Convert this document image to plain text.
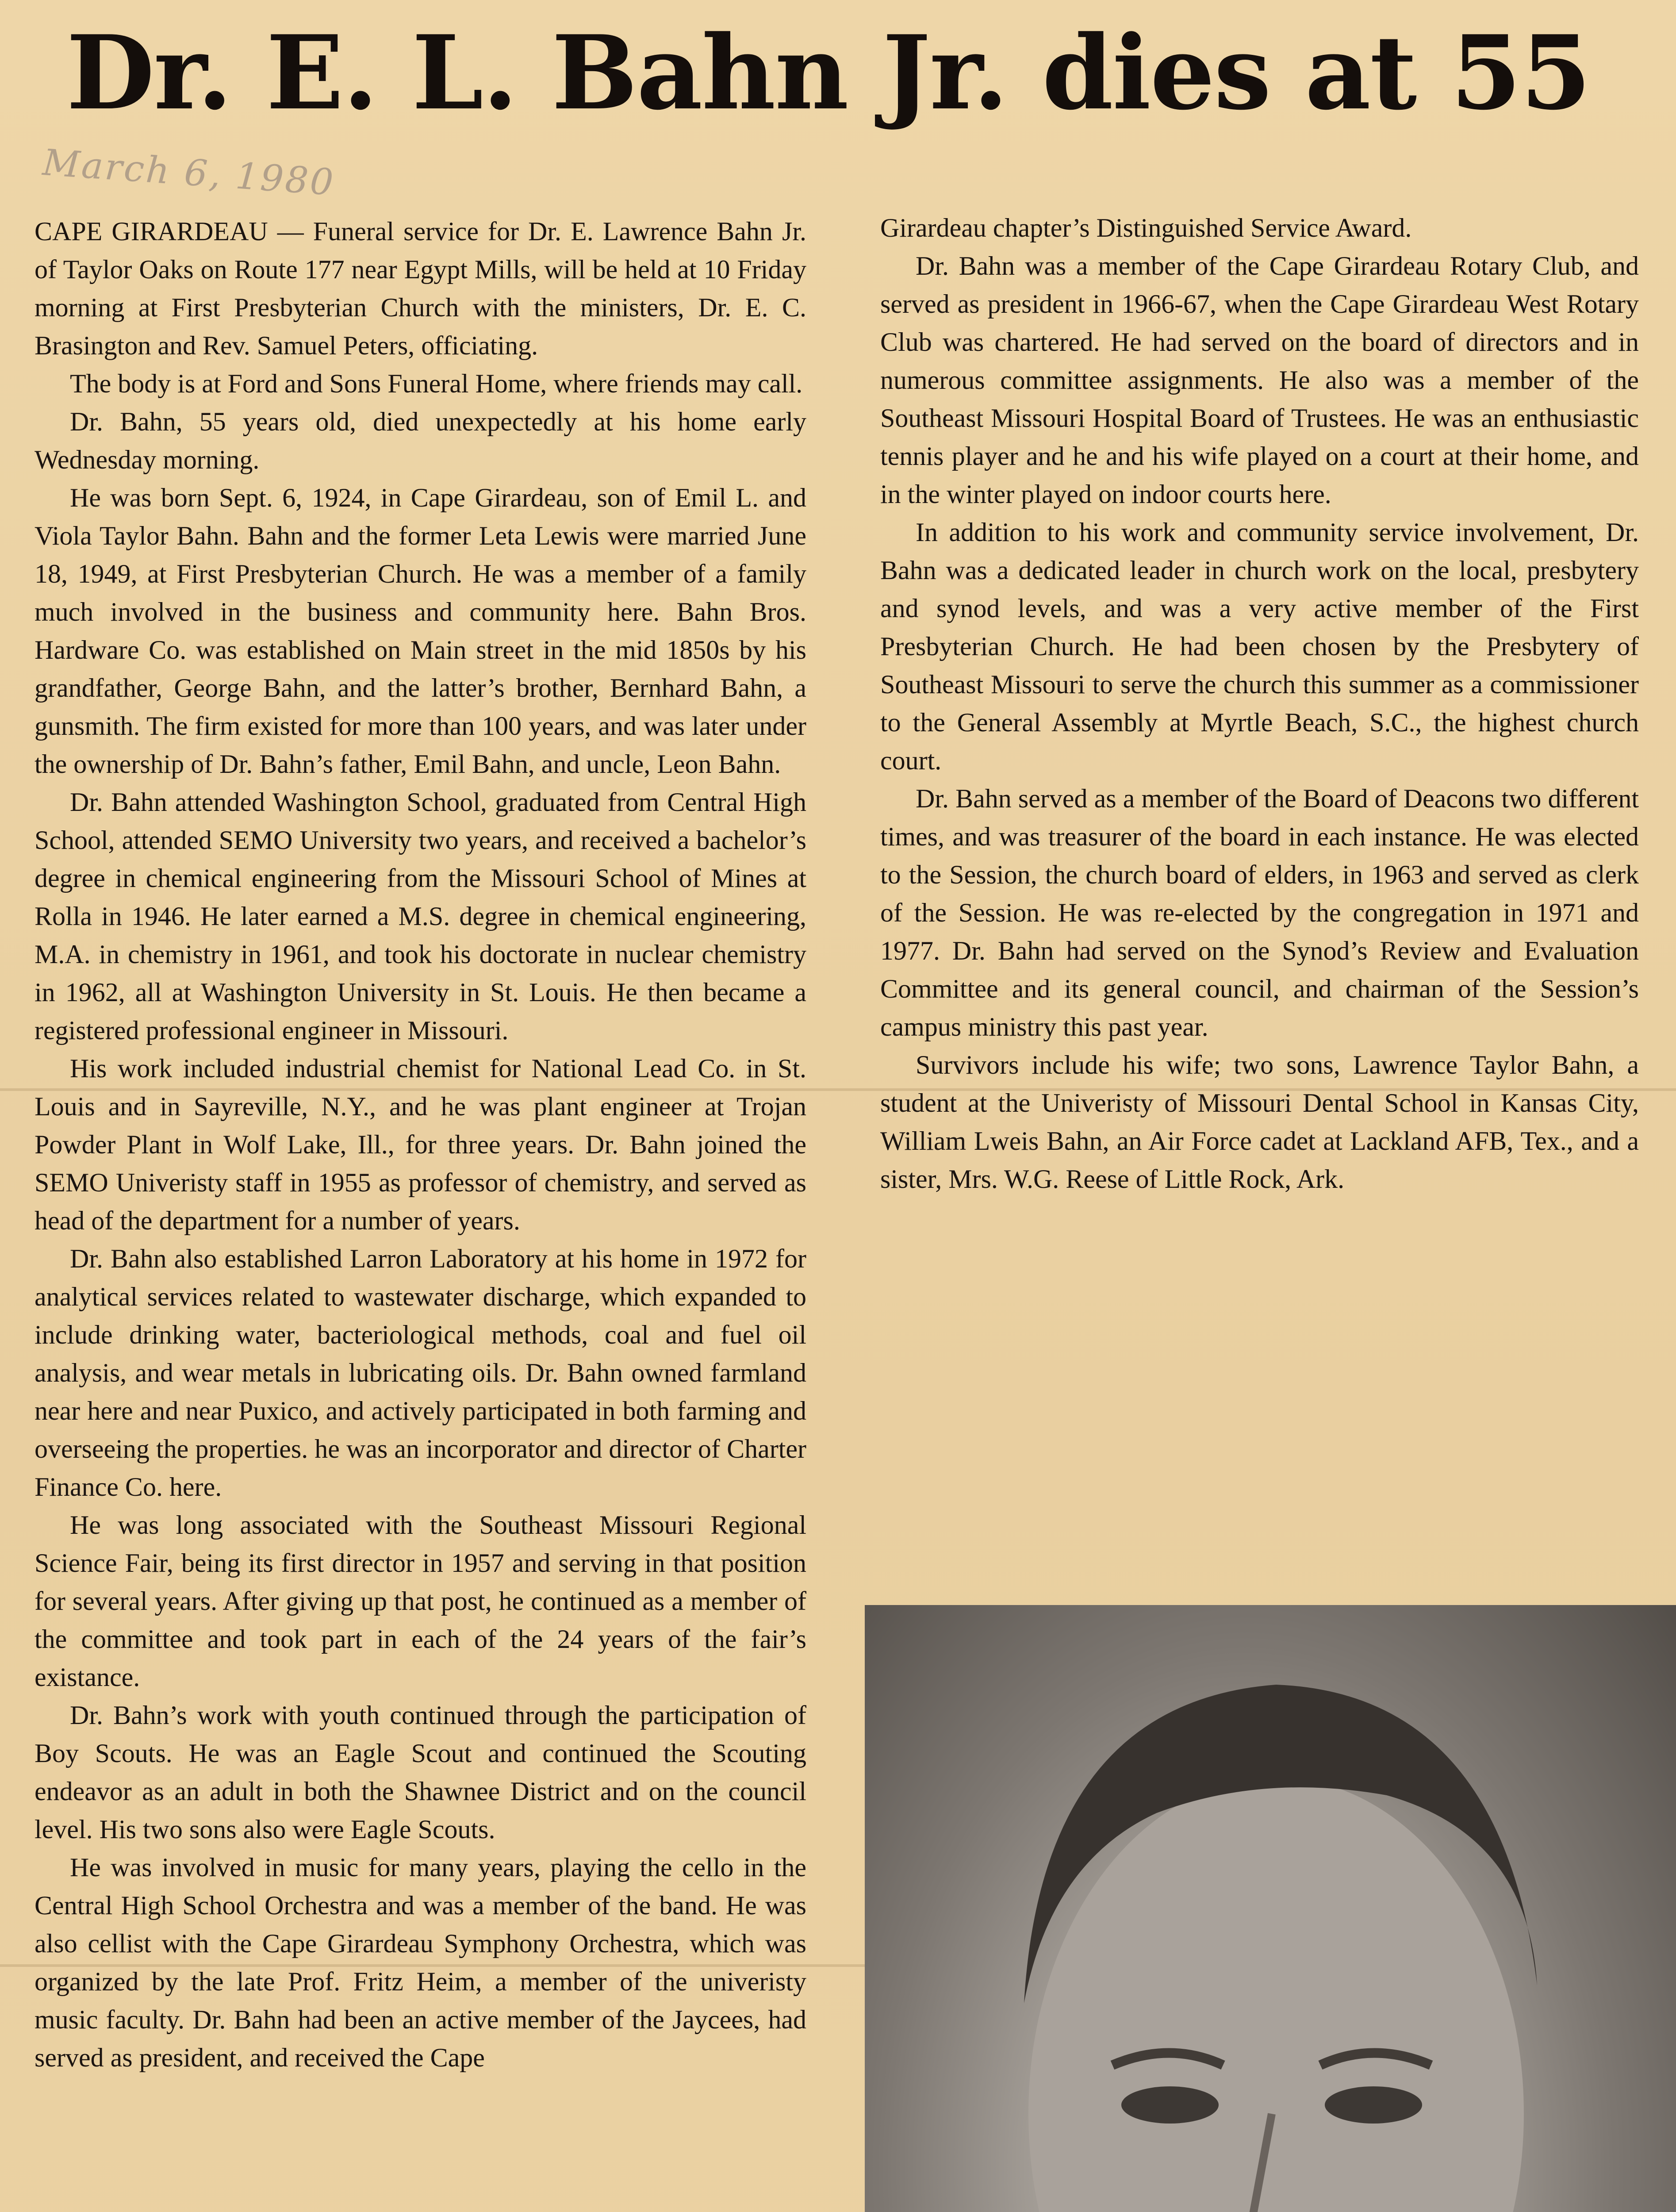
Dr. E. L. Bahn Jr. dies at 55
March 6, 1980

CAPE GIRARDEAU — Funeral service for Dr. E. Lawrence Bahn Jr. of Taylor Oaks on Route 177 near Egypt Mills, will be held at 10 Friday morning at First Presbyterian Church with the ministers, Dr. E. C. Brasington and Rev. Samuel Peters, officiating.

The body is at Ford and Sons Funeral Home, where friends may call.

Dr. Bahn, 55 years old, died unexpectedly at his home early Wednesday morning.

He was born Sept. 6, 1924, in Cape Girardeau, son of Emil L. and Viola Taylor Bahn. Bahn and the former Leta Lewis were married June 18, 1949, at First Presbyterian Church. He was a member of a family much involved in the business and community here. Bahn Bros. Hardware Co. was established on Main street in the mid 1850s by his grandfather, George Bahn, and the latter’s brother, Bernhard Bahn, a gunsmith. The firm existed for more than 100 years, and was later under the ownership of Dr. Bahn’s father, Emil Bahn, and uncle, Leon Bahn.

Dr. Bahn attended Washington School, graduated from Central High School, attended SEMO University two years, and received a bachelor’s degree in chemical engineering from the Missouri School of Mines at Rolla in 1946. He later earned a M.S. degree in chemical engineering, M.A. in chemistry in 1961, and took his doctorate in nuclear chemistry in 1962, all at Washington University in St. Louis. He then became a registered professional engineer in Missouri.

His work included industrial chemist for National Lead Co. in St. Louis and in Sayreville, N.Y., and he was plant engineer at Trojan Powder Plant in Wolf Lake, Ill., for three years. Dr. Bahn joined the SEMO Univeristy staff in 1955 as professor of chemistry, and served as head of the department for a number of years.

Dr. Bahn also established Larron Laboratory at his home in 1972 for analytical services related to wastewater discharge, which expanded to include drinking water, bacteriological methods, coal and fuel oil analysis, and wear metals in lubricating oils. Dr. Bahn owned farmland near here and near Puxico, and actively participated in both farming and overseeing the properties. he was an incorporator and director of Charter Finance Co. here.

He was long associated with the Southeast Missouri Regional Science Fair, being its first director in 1957 and serving in that position for several years. After giving up that post, he continued as a member of the committee and took part in each of the 24 years of the fair’s existance.

Dr. Bahn’s work with youth continued through the participation of Boy Scouts. He was an Eagle Scout and continued the Scouting endeavor as an adult in both the Shawnee District and on the council level. His two sons also were Eagle Scouts.

He was involved in music for many years, playing the cello in the Central High School Orchestra and was a member of the band. He was also cellist with the Cape Girardeau Symphony Orchestra, which was organized by the late Prof. Fritz Heim, a member of the univeristy music faculty. Dr. Bahn had been an active member of the Jaycees, had served as president, and received the Cape

Girardeau chapter’s Distinguished Service Award.

Dr. Bahn was a member of the Cape Girardeau Rotary Club, and served as president in 1966-67, when the Cape Girardeau West Rotary Club was chartered. He had served on the board of directors and in numerous committee assignments. He also was a member of the Southeast Missouri Hospital Board of Trustees. He was an enthusiastic tennis player and he and his wife played on a court at their home, and in the winter played on indoor courts here.

In addition to his work and community service involvement, Dr. Bahn was a dedicated leader in church work on the local, presbytery and synod levels, and was a very active member of the First Presbyterian Church. He had been chosen by the Presbytery of Southeast Missouri to serve the church this summer as a commissioner to the General Assembly at Myrtle Beach, S.C., the highest church court.

Dr. Bahn served as a member of the Board of Deacons two different times, and was treasurer of the board in each instance. He was elected to the Session, the church board of elders, in 1963 and served as clerk of the Session. He was re-elected by the congregation in 1971 and 1977. Dr. Bahn had served on the Synod’s Review and Evaluation Committee and its general council, and chairman of the Session’s campus ministry this past year.

Survivors include his wife; two sons, Lawrence Taylor Bahn, a student at the Univeristy of Missouri Dental School in Kansas City, William Lweis Bahn, an Air Force cadet at Lackland AFB, Tex., and a sister, Mrs. W.G. Reese of Little Rock, Ark.
